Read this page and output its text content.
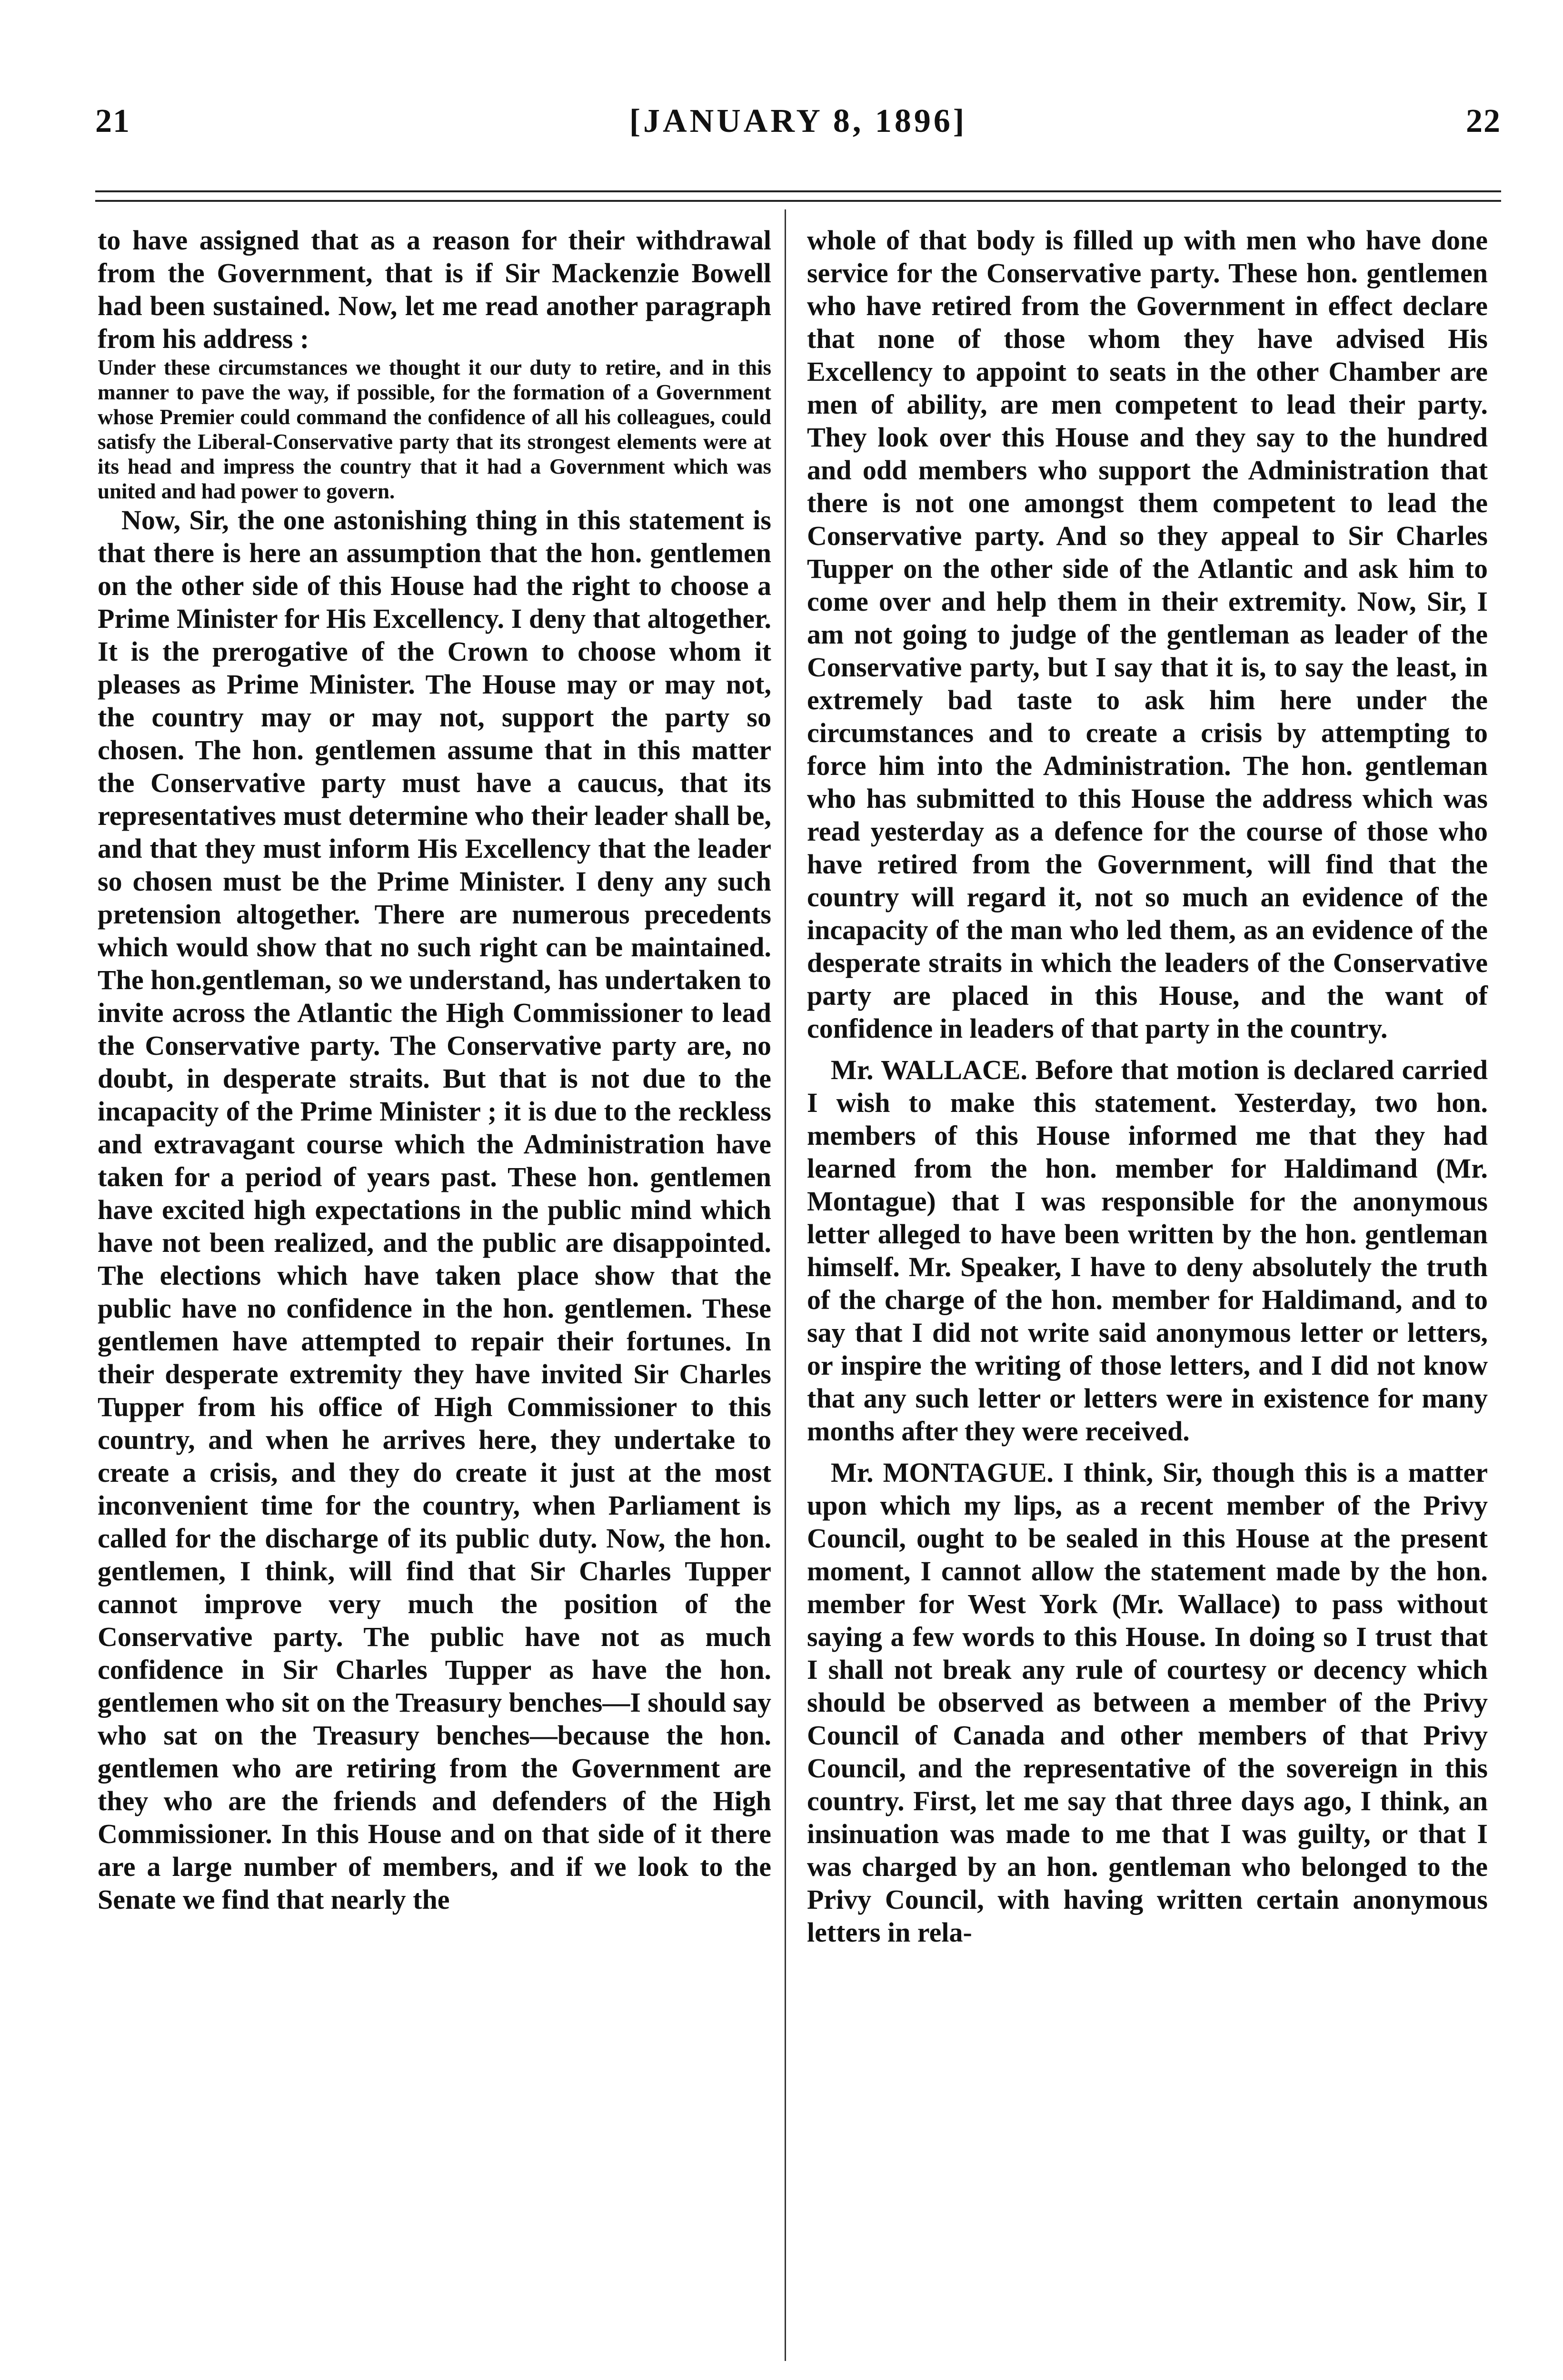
21	[JANUARY 8, 1896]	22

to have assigned that as a reason for their withdrawal from the Government, that is if Sir Mackenzie Bowell had been sustained. Now, let me read another paragraph from his address :

Under these circumstances we thought it our duty to retire, and in this manner to pave the way, if possible, for the formation of a Government whose Premier could command the confidence of all his colleagues, could satisfy the Liberal-Conservative party that its strongest elements were at its head and impress the country that it had a Government which was united and had power to govern.

Now, Sir, the one astonishing thing in this statement is that there is here an assumption that the hon. gentlemen on the other side of this House had the right to choose a Prime Minister for His Excellency. I deny that altogether. It is the prerogative of the Crown to choose whom it pleases as Prime Minister. The House may or may not, the country may or may not, support the party so chosen. The hon. gentlemen assume that in this matter the Conservative party must have a caucus, that its representatives must determine who their leader shall be, and that they must inform His Excellency that the leader so chosen must be the Prime Minister. I deny any such pretension altogether. There are numerous precedents which would show that no such right can be maintained. The hon.gentleman, so we understand, has undertaken to invite across the Atlantic the High Commissioner to lead the Conservative party. The Conservative party are, no doubt, in desperate straits. But that is not due to the incapacity of the Prime Minister ; it is due to the reckless and extravagant course which the Administration have taken for a period of years past. These hon. gentlemen have excited high expectations in the public mind which have not been realized, and the public are disappointed. The elections which have taken place show that the public have no confidence in the hon. gentlemen. These gentlemen have attempted to repair their fortunes. In their desperate extremity they have invited Sir Charles Tupper from his office of High Commissioner to this country, and when he arrives here, they undertake to create a crisis, and they do create it just at the most inconvenient time for the country, when Parliament is called for the discharge of its public duty. Now, the hon. gentlemen, I think, will find that Sir Charles Tupper cannot improve very much the position of the Conservative party. The public have not as much confidence in Sir Charles Tupper as have the hon. gentlemen who sit on the Treasury benches—I should say who sat on the Treasury benches—because the hon. gentlemen who are retiring from the Government are they who are the friends and defenders of the High Commissioner. In this House and on that side of it there are a large number of members, and if we look to the Senate we find that nearly the

whole of that body is filled up with men who have done service for the Conservative party. These hon. gentlemen who have retired from the Government in effect declare that none of those whom they have advised His Excellency to appoint to seats in the other Chamber are men of ability, are men competent to lead their party. They look over this House and they say to the hundred and odd members who support the Administration that there is not one amongst them competent to lead the Conservative party. And so they appeal to Sir Charles Tupper on the other side of the Atlantic and ask him to come over and help them in their extremity. Now, Sir, I am not going to judge of the gentleman as leader of the Conservative party, but I say that it is, to say the least, in extremely bad taste to ask him here under the circumstances and to create a crisis by attempting to force him into the Administration. The hon. gentleman who has submitted to this House the address which was read yesterday as a defence for the course of those who have retired from the Government, will find that the country will regard it, not so much an evidence of the incapacity of the man who led them, as an evidence of the desperate straits in which the leaders of the Conservative party are placed in this House, and the want of confidence in leaders of that party in the country.

Mr. WALLACE. Before that motion is declared carried I wish to make this statement. Yesterday, two hon. members of this House informed me that they had learned from the hon. member for Haldimand (Mr. Montague) that I was responsible for the anonymous letter alleged to have been written by the hon. gentleman himself. Mr. Speaker, I have to deny absolutely the truth of the charge of the hon. member for Haldimand, and to say that I did not write said anonymous letter or letters, or inspire the writing of those letters, and I did not know that any such letter or letters were in existence for many months after they were received.

Mr. MONTAGUE. I think, Sir, though this is a matter upon which my lips, as a recent member of the Privy Council, ought to be sealed in this House at the present moment, I cannot allow the statement made by the hon. member for West York (Mr. Wallace) to pass without saying a few words to this House. In doing so I trust that I shall not break any rule of courtesy or decency which should be observed as between a member of the Privy Council of Canada and other members of that Privy Council, and the representative of the sovereign in this country. First, let me say that three days ago, I think, an insinuation was made to me that I was guilty, or that I was charged by an hon. gentleman who belonged to the Privy Council, with having written certain anonymous letters in rela-
